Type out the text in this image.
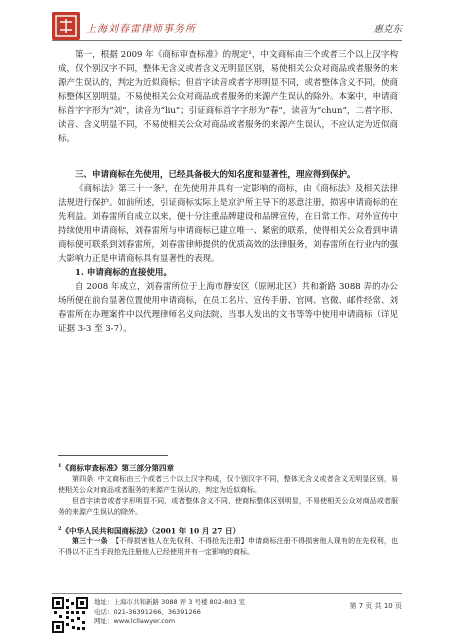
上海刘春雷律师事务所	惠克东

第一，根据 2009 年《商标审查标准》的规定¹，中文商标由三个或者三个以上汉字构成，仅个别汉字不同，整体无含义或者含义无明显区别，易使相关公众对商品或者服务的来源产生误认的，判定为近似商标；但首字读音或者字形明显不同，或者整体含义不同，使商标整体区别明显，不易使相关公众对商品或者服务的来源产生误认的除外。本案中，申请商标首字字形为“刘”，读音为“liu”；引证商标首字字形为“春”，读音为“chun”，二者字形、读音、含义明显不同，不易使相关公众对商品或者服务的来源产生误认，不应认定为近似商标。

三、申请商标在先使用，已经具备极大的知名度和显著性，理应得到保护。

《商标法》第三十一条²，在先使用并具有一定影响的商标，由《商标法》及相关法律法规进行保护。如前所述，引证商标实际上是京沪所主导下的恶意注册，损害申请商标的在先利益。刘春雷所自成立以来，便十分注重品牌建设和品牌宣传，在日常工作、对外宣传中持续使用申请商标，刘春雷所与申请商标已建立唯一、紧密的联系，使得相关公众看到申请商标便可联系到刘春雷所，刘春雷律师提供的优质高效的法律服务，刘春雷所在行业内的强大影响力正是申请商标具有显著性的表现。

1. 申请商标的直接使用。

自 2008 年成立，刘春雷所位于上海市静安区（原闸北区）共和新路 3088 弄的办公场所便在前台显著位置使用申请商标，在员工名片、宣传手册、官网、官微、邮件经常、刘春雷所在办理案件中以代理律师名义向法院、当事人发出的文书等等中使用申请商标（详见证据 3-3 至 3-7）。

$^1$《商标审查标准》第三部分第四章

第四条 中文商标由三个或者三个以上汉字构成，仅个别汉字不同，整体无含义或者含义无明显区别，易使相关公众对商品或者服务的来源产生误认的，判定为近似商标。

但首字读音或者字形明显不同，或者整体含义不同，使商标整体区别明显，不易使相关公众对商品或者服务的来源产生误认的除外。

$^2$《中华人民共和国商标法》（2001 年 10 月 27 日）

第三十一条 【不得损害他人在先权利、不得抢先注册】申请商标注册不得损害他人现有的在先权利，也不得以不正当手段抢先注册他人已经使用并有一定影响的商标。

地址：上海市共和新路 3088 弄 3 号楼 802-803 室
电话：021-36391266、36391266
网址：www.lcllawyer.com
第 7 页 共 10 页
